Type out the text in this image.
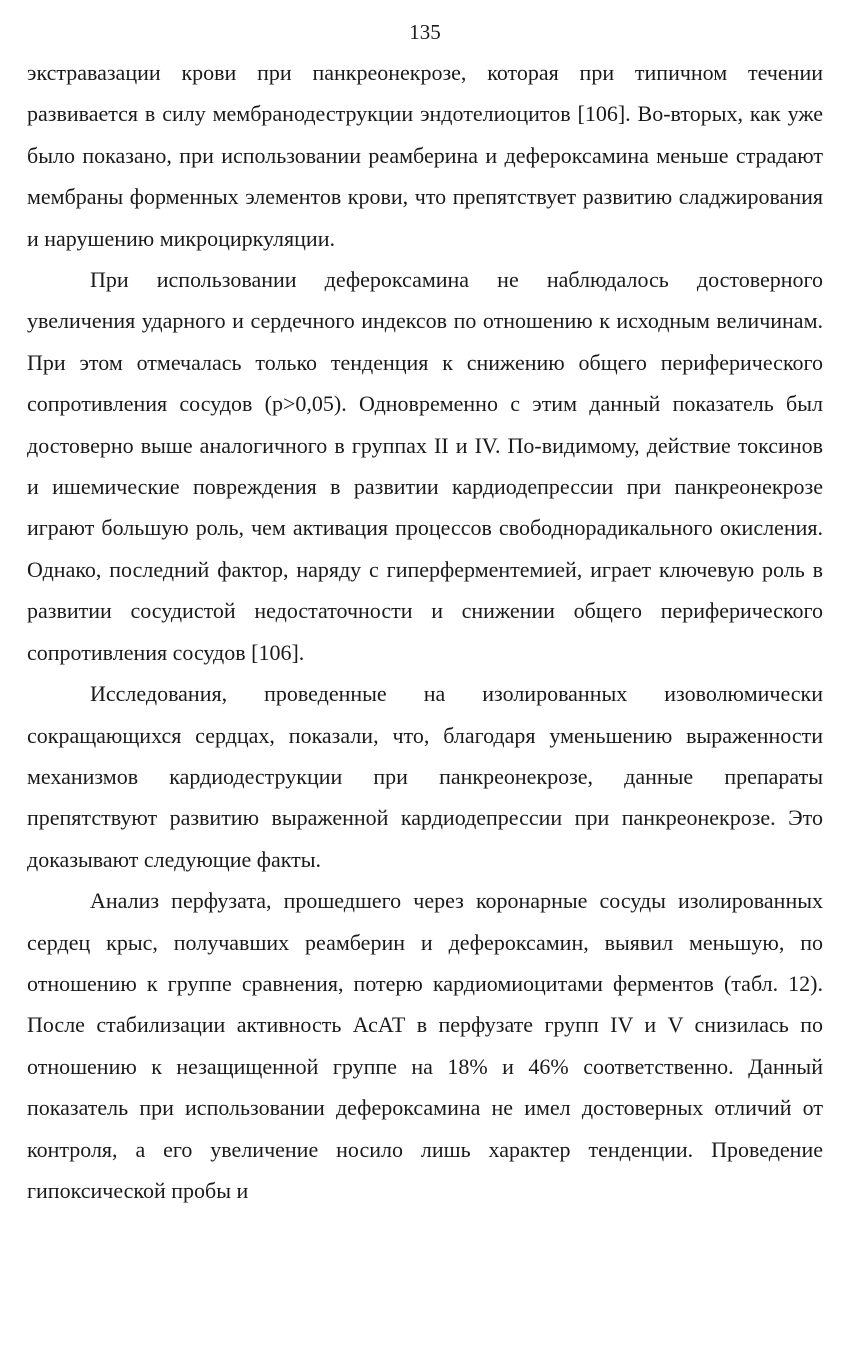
135

экстравазации крови при панкреонекрозе, которая при типичном течении развивается в силу мембранодеструкции эндотелиоцитов [106]. Во-вторых, как уже было показано, при использовании реамберина и дефероксамина меньше страдают мембраны форменных элементов крови, что препятствует развитию сладжирования и нарушению микроциркуляции.

При использовании дефероксамина не наблюдалось достоверного увеличения ударного и сердечного индексов по отношению к исходным величинам. При этом отмечалась только тенденция к снижению общего периферического сопротивления сосудов (р>0,05). Одновременно с этим данный показатель был достоверно выше аналогичного в группах II и IV. По-видимому, действие токсинов и ишемические повреждения в развитии кардиодепрессии при панкреонекрозе играют большую роль, чем активация процессов свободнорадикального окисления. Однако, последний фактор, наряду с гиперферментемией, играет ключевую роль в развитии сосудистой недостаточности и снижении общего периферического сопротивления сосудов [106].

Исследования, проведенные на изолированных изоволюмически сокращающихся сердцах, показали, что, благодаря уменьшению выраженности механизмов кардиодеструкции при панкреонекрозе, данные препараты препятствуют развитию выраженной кардиодепрессии при панкреонекрозе. Это доказывают следующие факты.

Анализ перфузата, прошедшего через коронарные сосуды изолированных сердец крыс, получавших реамберин и дефероксамин, выявил меньшую, по отношению к группе сравнения, потерю кардиомиоцитами ферментов (табл. 12). После стабилизации активность АсАТ в перфузате групп IV и V снизилась по отношению к незащищенной группе на 18% и 46% соответственно. Данный показатель при использовании дефероксамина не имел достоверных отличий от контроля, а его увеличение носило лишь характер тенденции. Проведение гипоксической пробы и
